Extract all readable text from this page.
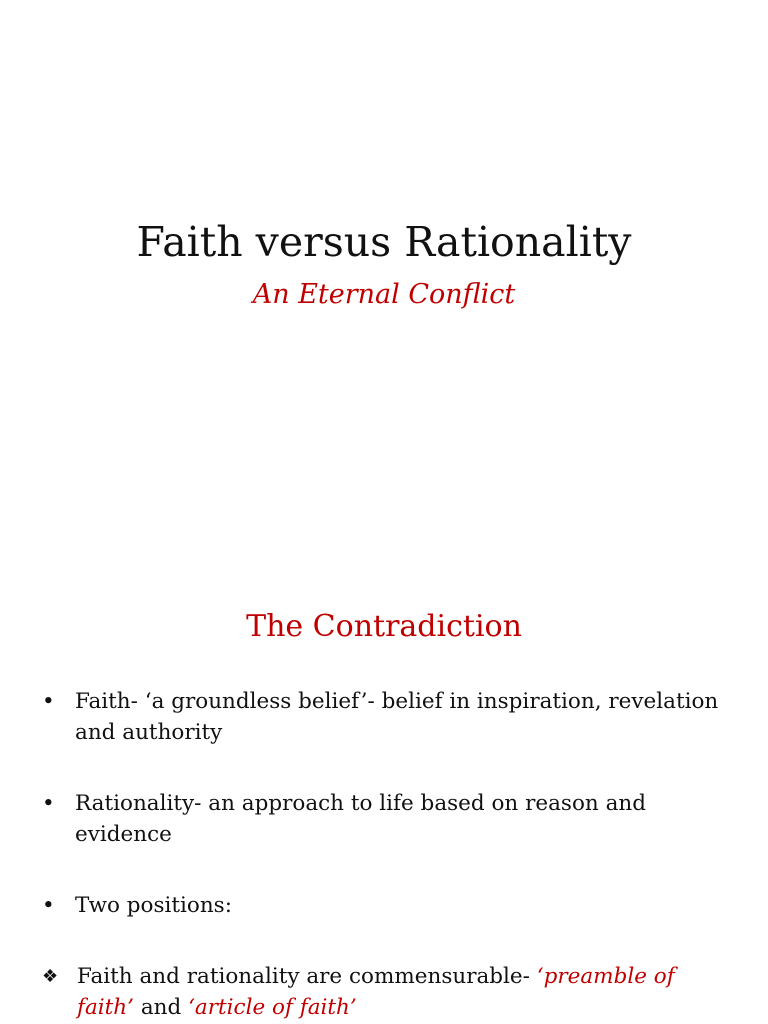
Faith versus Rationality
An Eternal Conflict
The Contradiction
• Faith- ‘a groundless belief’- belief in inspiration, revelation and authority
• Rationality- an approach to life based on reason and evidence
• Two positions:
❖ Faith and rationality are commensurable- ‘preamble of faith’ and ‘article of faith’
